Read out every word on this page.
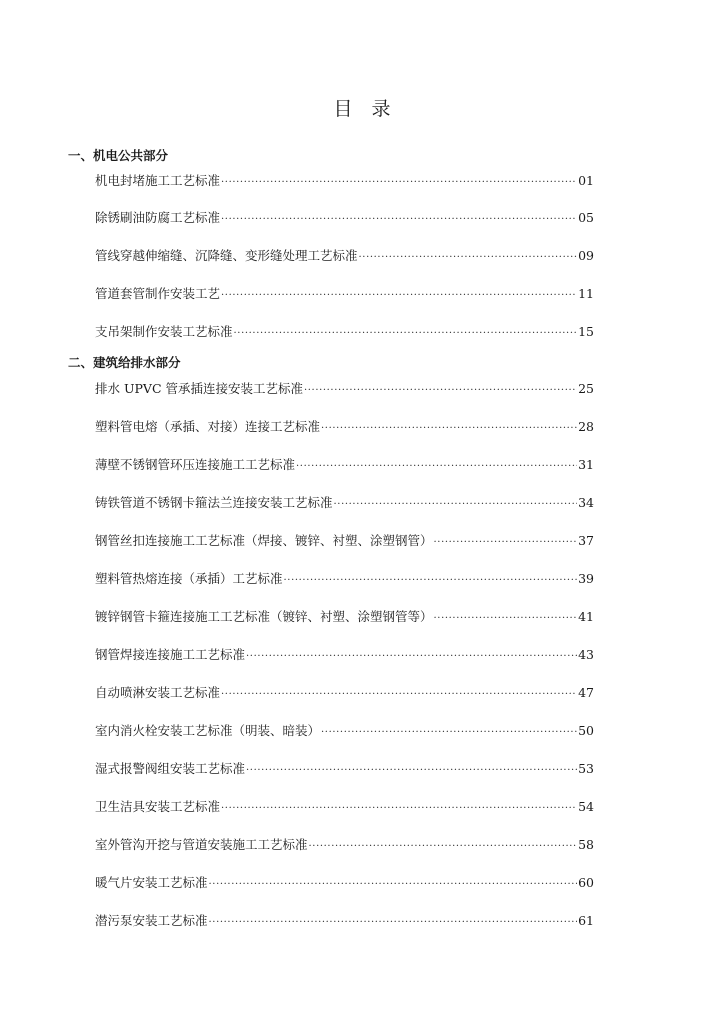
目　录
一、机电公共部分
机电封堵施工工艺标准 ·····	01
除锈刷油防腐工艺标准 ·····	05
管线穿越伸缩缝、沉降缝、变形缝处理工艺标准 ·····	09
管道套管制作安装工艺 ·····	11
支吊架制作安装工艺标准 ·····	15
二、建筑给排水部分
排水 UPVC 管承插连接安装工艺标准 ·····	25
塑料管电熔（承插、对接）连接工艺标准 ·····	28
薄壁不锈钢管环压连接施工工艺标准 ·····	31
铸铁管道不锈钢卡箍法兰连接安装工艺标准 ·····	34
钢管丝扣连接施工工艺标准（焊接、镀锌、衬塑、涂塑钢管） ·····	37
塑料管热熔连接（承插）工艺标准 ·····	39
镀锌钢管卡箍连接施工工艺标准（镀锌、衬塑、涂塑钢管等） ·····	41
钢管焊接连接施工工艺标准 ·····	43
自动喷淋安装工艺标准 ·····	47
室内消火栓安装工艺标准（明装、暗装） ·····	50
湿式报警阀组安装工艺标准 ·····	53
卫生洁具安装工艺标准 ·····	54
室外管沟开挖与管道安装施工工艺标准 ·····	58
暖气片安装工艺标准 ·····	60
潜污泵安装工艺标准 ·····	61
